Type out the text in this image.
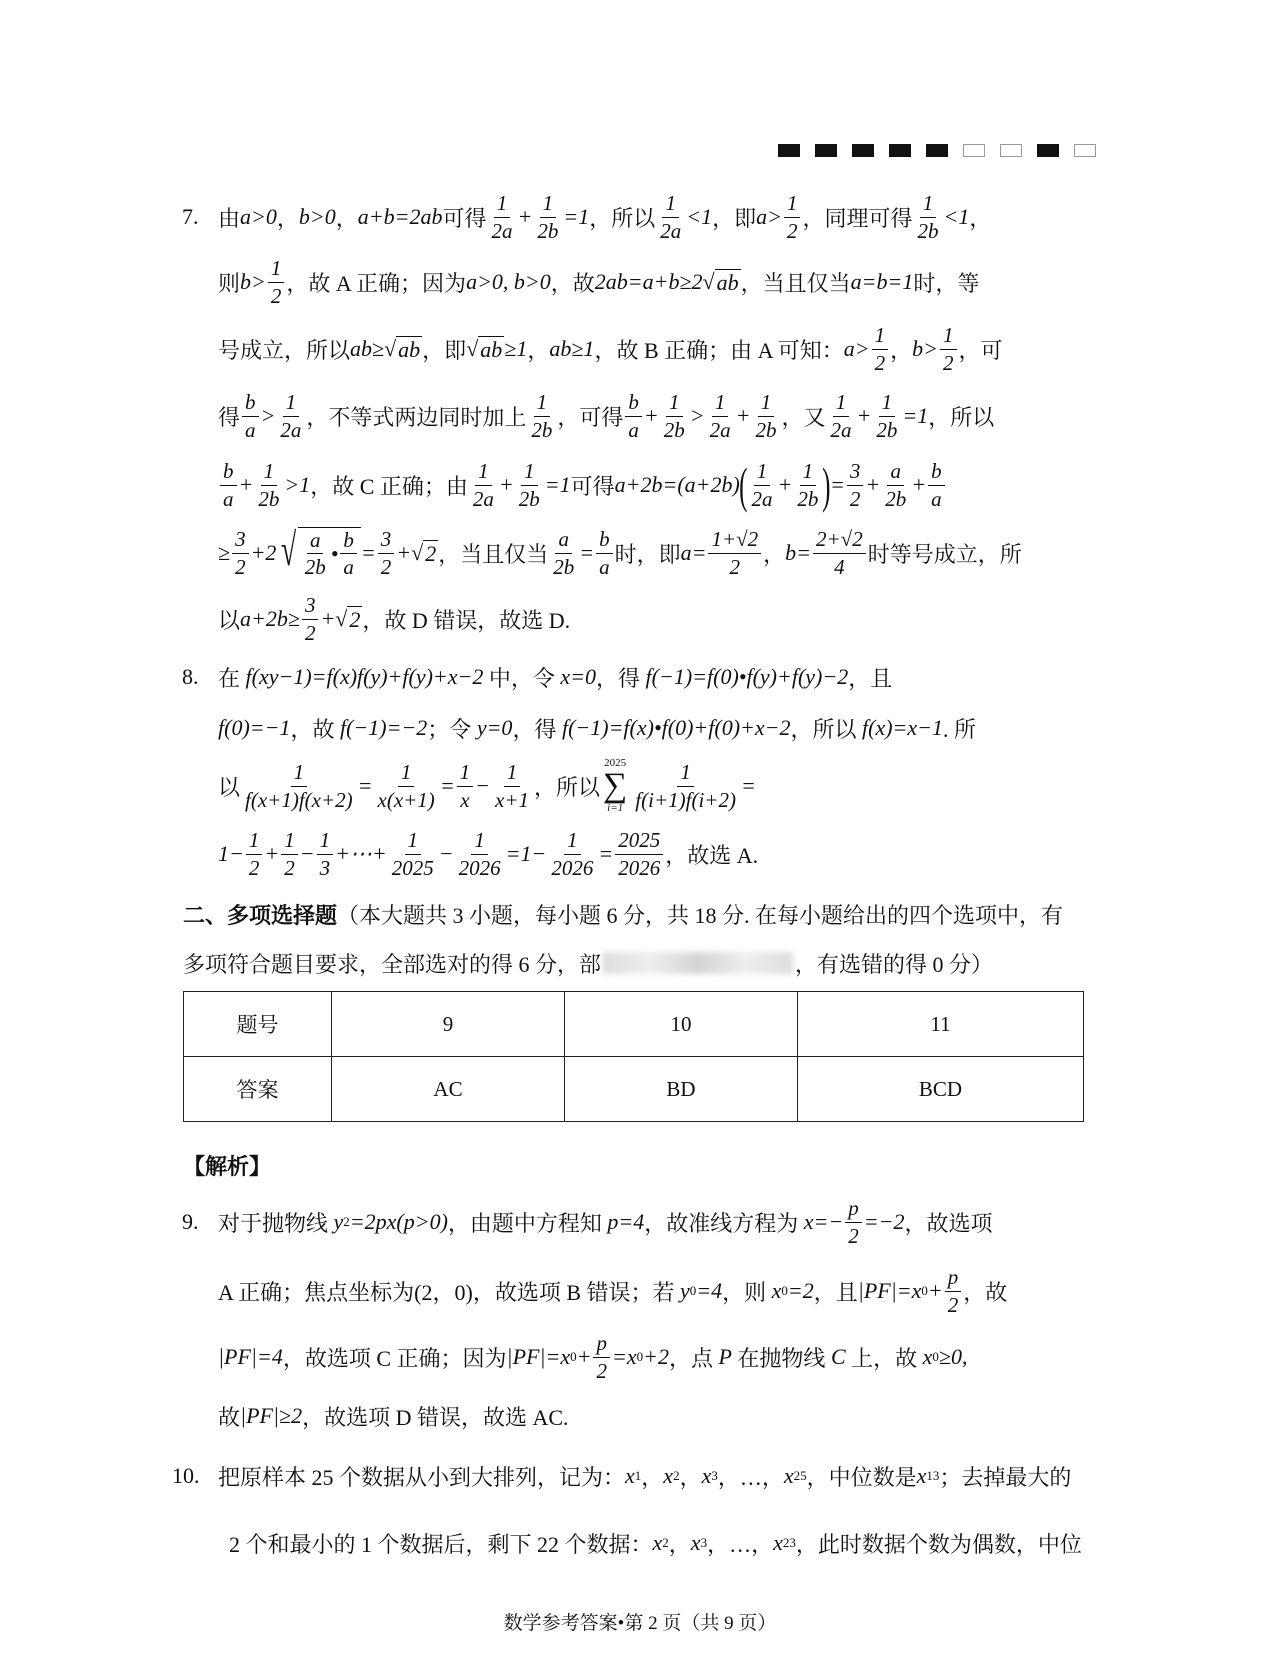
7. 由 a>0 ， b>0 ， a+b=2ab 可得 $\frac{1}{2a} + \frac{1}{2b} =1$ ，所以 $\frac{1}{2a} <1$ ，即 $a> \frac{1}{2}$ ，同理可得 $\frac{1}{2b} <1$ ，
则 $b> \frac{1}{2}$ ，故 A 正确；因为 a>0, b>0 ，故 2ab=a+b≥2 √ ab ，当且仅当 a=b=1 时，等
号成立，所以 ab≥ √ ab ，即 √ ab ≥1 ， ab≥1 ，故 B 正确；由 A 可知： $a> \frac{1}{2}$ ， $b> \frac{1}{2}$ ，可
得 $\frac{b}{a} > \frac{1}{2a}$ ，不等式两边同时加上 $\frac{1}{2b}$ ，可得 $\frac{b}{a} + \frac{1}{2b} > \frac{1}{2a} + \frac{1}{2b}$ ，又 $\frac{1}{2a} + \frac{1}{2b} =1$ ，所以
$\frac{b}{a} + \frac{1}{2b} >1$ ，故 C 正确；由 $\frac{1}{2a} + \frac{1}{2b} =1$ 可得 a+2b=(a+2b) ( $\frac{1}{2a} + \frac{1}{2b}$ ) = $\frac{3}{2} + \frac{a}{2b} + \frac{b}{a}$
≥ $\frac{3}{2} +2$ √ $\frac{a}{2b}$ • $\frac{b}{a} = \frac{3}{2}$ + √ 2 ，当且仅当 $\frac{a}{2b} = \frac{b}{a}$ 时，即 $a= \frac{1+√2}{2}$ ， $b= \frac{2+√2}{4}$ 时等号成立，所
以 $a+2b\ge \frac{3}{2}$ + √ 2 ，故 D 错误，故选 D.
8. 在 f(xy−1)=f(x)f(y)+f(y)+x−2 中，令 x=0 ，得 f(−1)=f(0)•f(y)+f(y)−2 ，且
f(0)=−1 ，故 f(−1)=−2 ；令 y=0 ，得 f(−1)=f(x)•f(0)+f(0)+x−2 ，所以 f(x)=x−1 . 所
以 $\frac{1}{f(x+1)f(x+2)} = \frac{1}{x(x+1)} = \frac{1}{x} - \frac{1}{x+1}$ ，所以
2025
∑
$i=1 \frac{1}{f(i+1)f(i+2)}$ =
$1- \frac{1}{2} + \frac{1}{2} - \frac{1}{3}$ +⋯+ $\frac{1}{2025} - \frac{1}{2026} =1- \frac{1}{2026} = \frac{2025}{2026}$ ，故选 A.
二、多项选择题 （本大题共 3 小题，每小题 6 分，共 18 分. 在每小题给出的四个选项中，有
多项符合题目要求，全部选对的得 6 分，部	，有选错的得 0 分）
9. 对于抛物线 y 2 =2px(p>0) ，由题中方程知 p=4 ，故准线方程为 $x=- \frac{p}{2} =-2$ ，故选项
A 正确；焦点坐标为(2，0)，故选项 B 错误；若 y 0 =4 ，则 x 0 =2 ，且 |PF|= x $0 + \frac{p}{2}$ ，故
|PF|=4 ，故选项 C 正确；因为 |PF|= x $0 + \frac{p}{2} = x$ 0 +2 ，点 P 在抛物线 C 上，故 x 0 ≥0 ,
故 |PF|≥2 ，故选项 D 错误，故选 AC.
10. 把原样本 25 个数据从小到大排列，记为： x 1 ， x 2 ， x 3 ，…， x 25 ，中位数是 x 13 ；去掉最大的
2 个和最小的 1 个数据后，剩下 22 个数据： x 2 ， x 3 ，…， x 23 ，此时数据个数为偶数，中位
题号	9	10	11
答案	AC	BD	BCD
【解析】
数学参考答案•第 2 页（共 9 页）
